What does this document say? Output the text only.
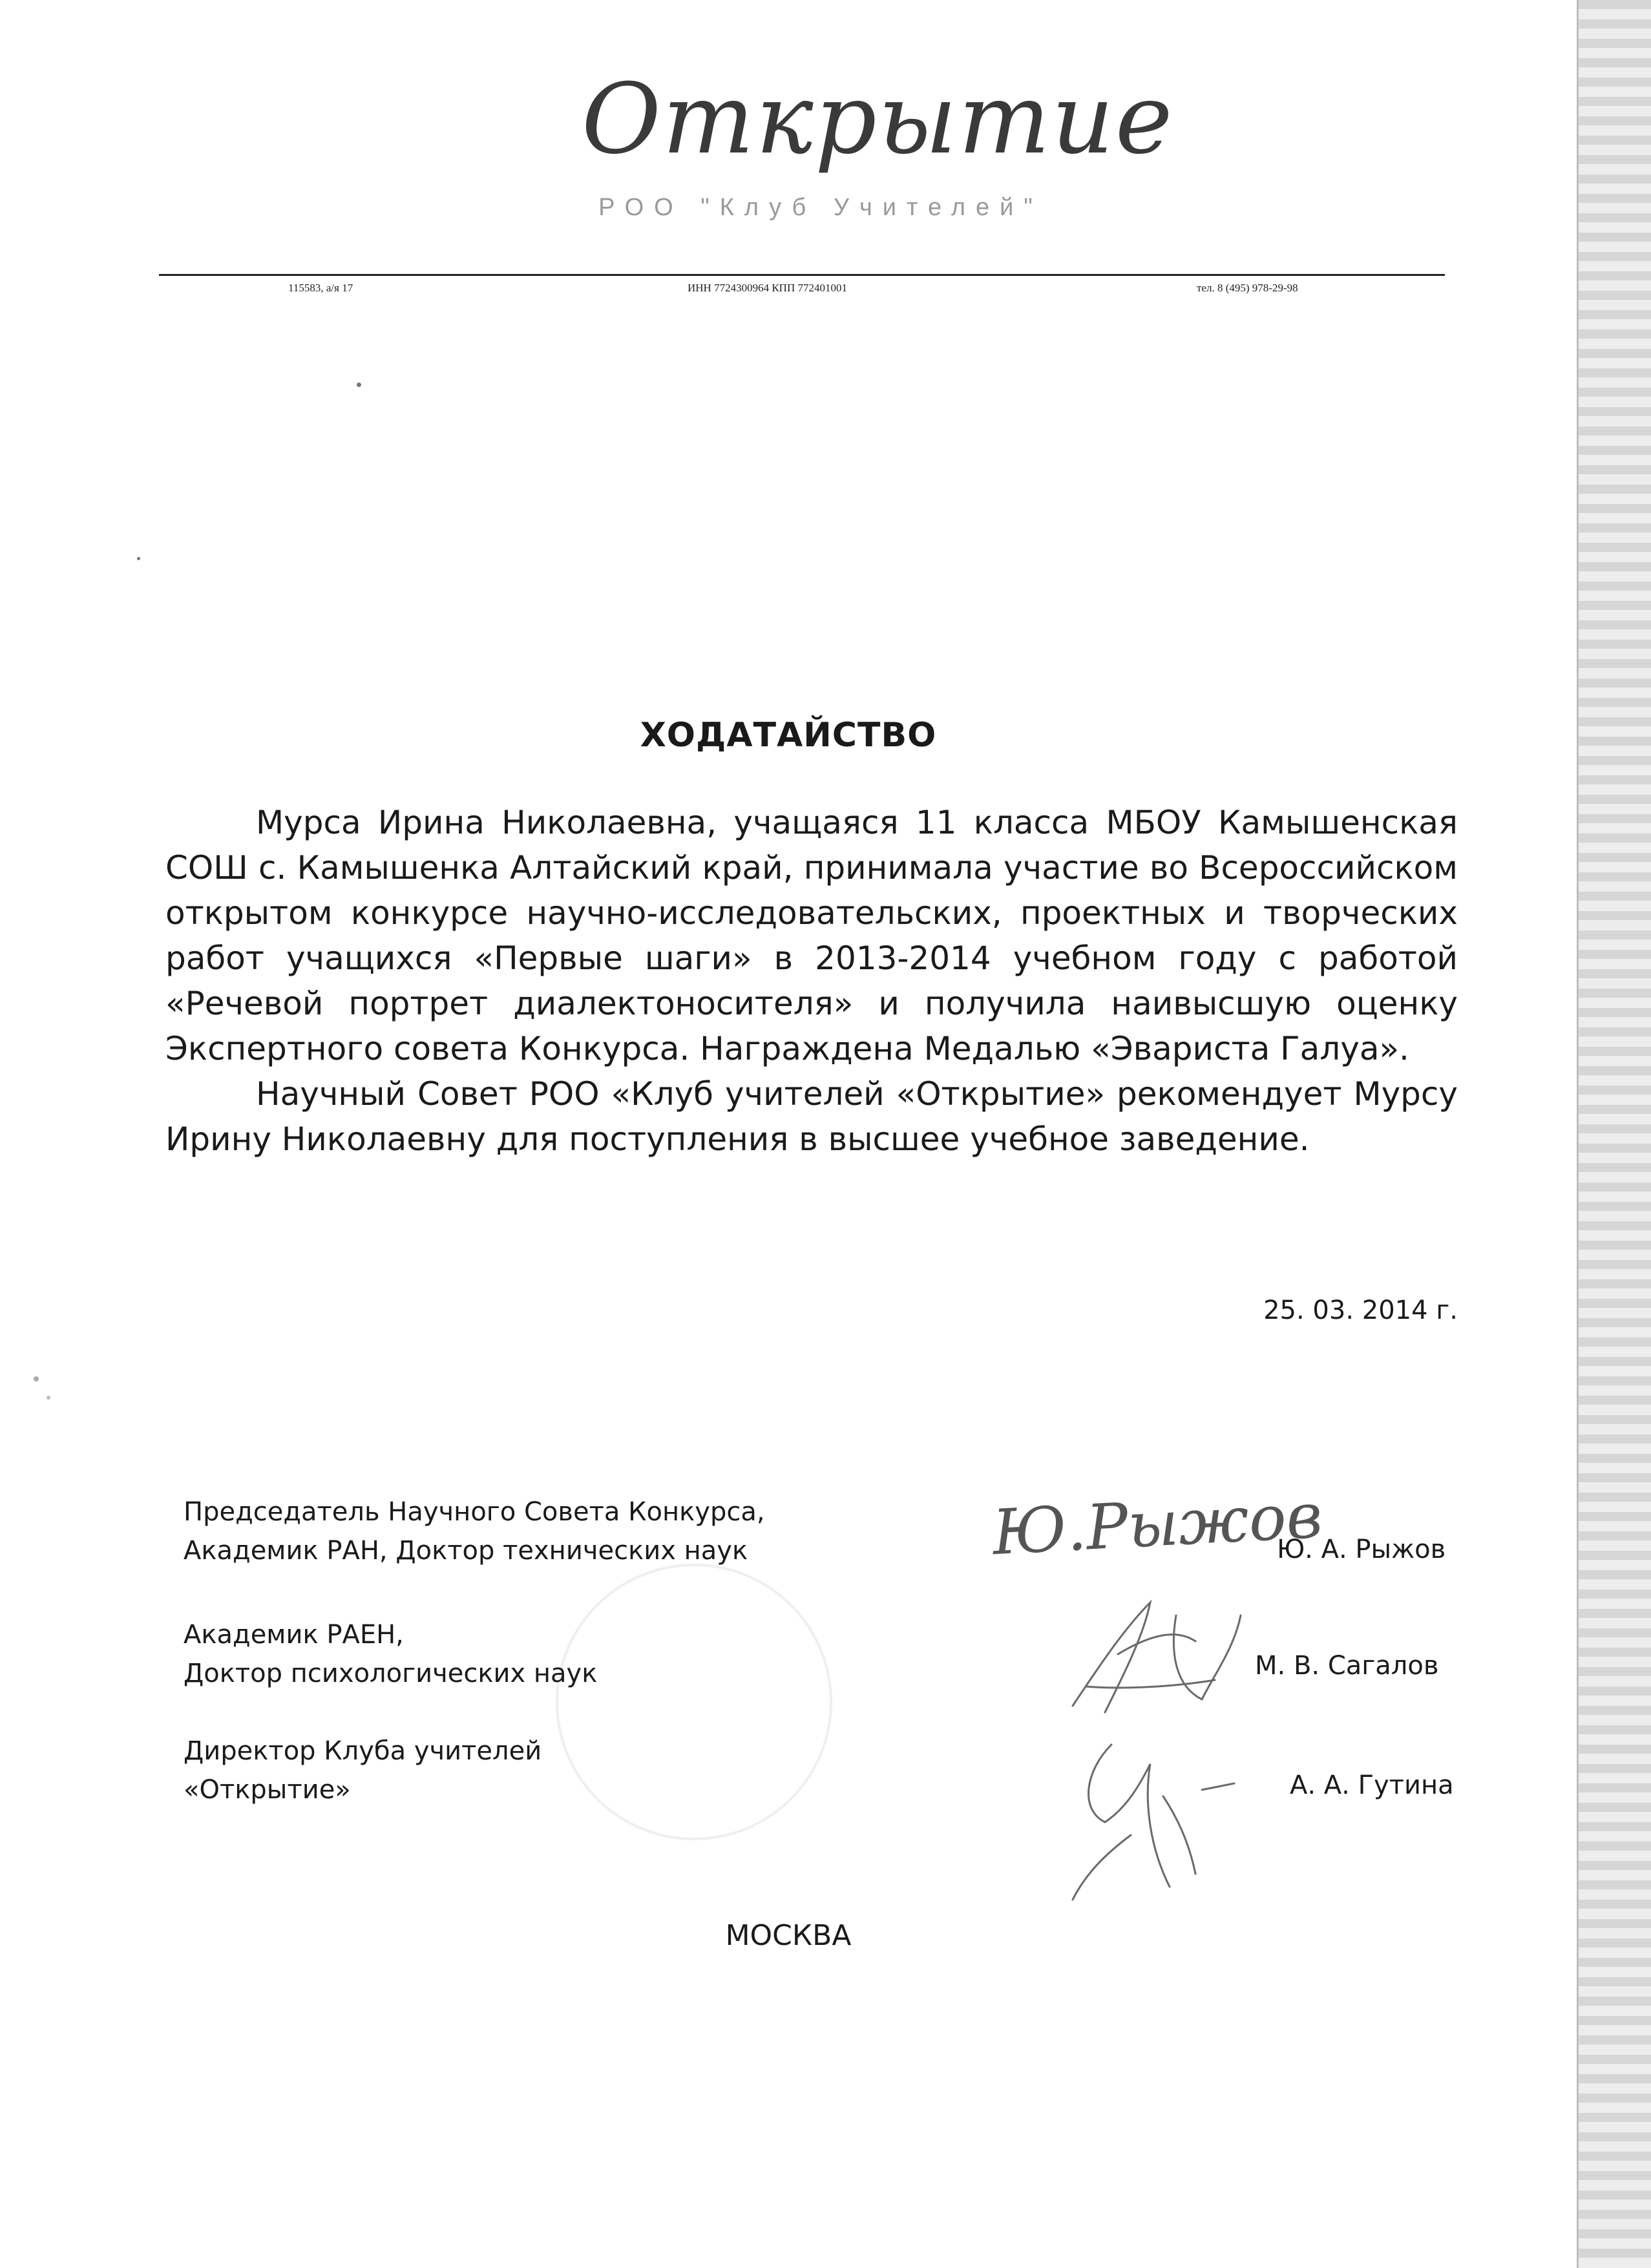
Открытие
РОО "Клуб Учителей"
115583, а/я 17	ИНН 7724300964 КПП 772401001	тел. 8 (495) 978-29-98
ХОДАТАЙСТВО

Мурса Ирина Николаевна, учащаяся 11 класса МБОУ Камышенская СОШ с. Камышенка Алтайский край, принимала участие во Всероссийском открытом конкурсе научно-исследовательских, проектных и творческих работ учащихся «Первые шаги» в 2013-2014 учебном году с работой «Речевой портрет диалектоносителя» и получила наивысшую оценку Экспертного совета Конкурса. Награждена Медалью «Эвариста Галуа».

Научный Совет РОО «Клуб учителей «Открытие» рекомендует Мурсу Ирину Николаевну для поступления в высшее учебное заведение.

25. 03. 2014 г.
Председатель Научного Совета Конкурса,
Академик РАН, Доктор технических наук	Ю.Рыжов
Ю. А. Рыжов
Академик РАЕН,
Доктор психологических наук	М. В. Сагалов
Директор Клуба учителей
«Открытие»	А. А. Гутина
МОСКВА
